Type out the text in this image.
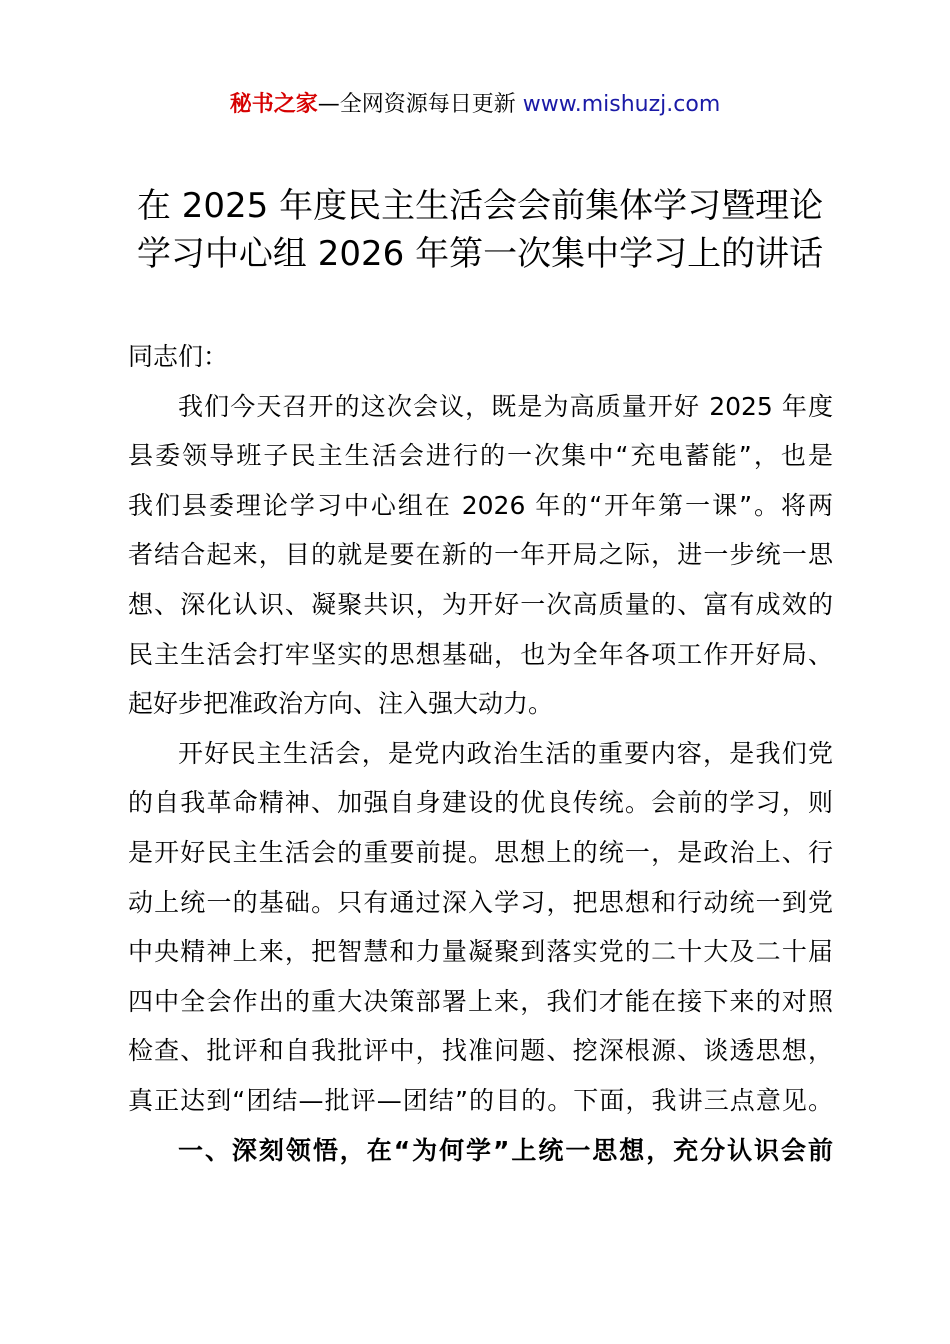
秘书之家—全网资源每日更新 www.mishuzj.com
在 2025 年度民主生活会会前集体学习暨理论
学习中心组 2026 年第一次集中学习上的讲话
同志们：
我们今天召开的这次会议，既是为高质量开好 2025 年度
县委领导班子民主生活会进行的一次集中“充电蓄能”，也是
我们县委理论学习中心组在 2026 年的“开年第一课”。将两
者结合起来，目的就是要在新的一年开局之际，进一步统一思
想、深化认识、凝聚共识，为开好一次高质量的、富有成效的
民主生活会打牢坚实的思想基础，也为全年各项工作开好局、
起好步把准政治方向、注入强大动力。
开好民主生活会，是党内政治生活的重要内容，是我们党
的自我革命精神、加强自身建设的优良传统。会前的学习，则
是开好民主生活会的重要前提。思想上的统一，是政治上、行
动上统一的基础。只有通过深入学习，把思想和行动统一到党
中央精神上来，把智慧和力量凝聚到落实党的二十大及二十届
四中全会作出的重大决策部署上来，我们才能在接下来的对照
检查、批评和自我批评中，找准问题、挖深根源、谈透思想，
真正达到“团结—批评—团结”的目的。下面，我讲三点意见。
一、深刻领悟，在“为何学”上统一思想，充分认识会前
